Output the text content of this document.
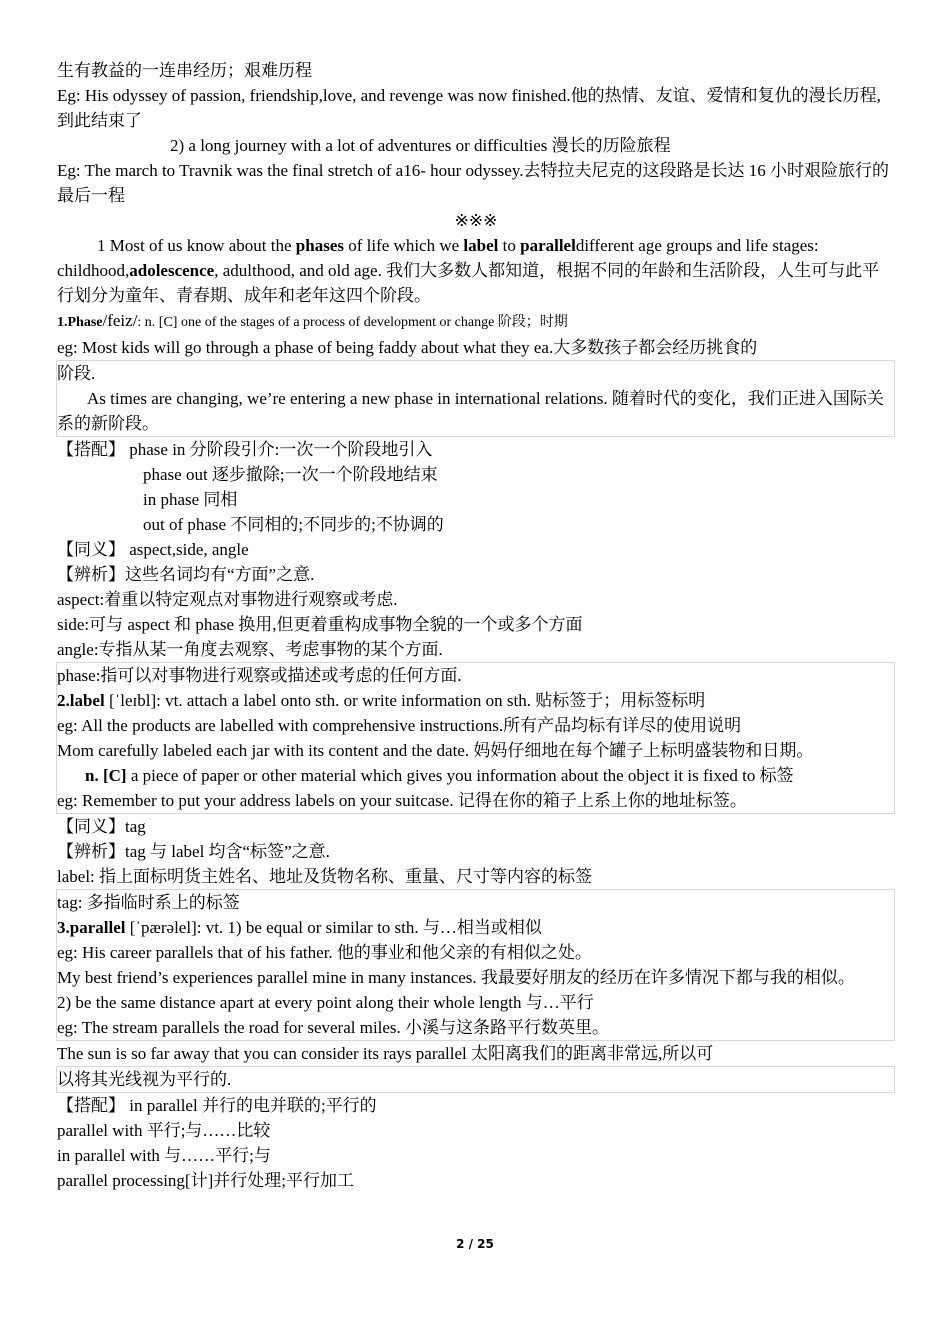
生有教益的一连串经历；艰难历程
Eg: His odyssey of passion, friendship,love, and revenge was now finished.他的热情、友谊、爱情和复仇的漫长历程,到此结束了
2) a long journey with a lot of adventures or difficulties 漫长的历险旅程
Eg: The march to Travnik was the final stretch of a16- hour odyssey.去特拉夫尼克的这段路是长达 16 小时艰险旅行的最后一程
※※※
1 Most of us know about the phases of life which we label to paralleldifferent age groups and life stages: childhood,adolescence, adulthood, and old age. 我们大多数人都知道，根据不同的年龄和生活阶段，人生可与此平行划分为童年、青春期、成年和老年这四个阶段。
1.Phase/feiz/: n. [C] one of the stages of a process of development or change 阶段；时期
eg: Most kids will go through a phase of being faddy about what they ea.大多数孩子都会经历挑食的
阶段.
As times are changing, we’re entering a new phase in international relations. 随着时代的变化，我们正进入国际关系的新阶段。
【搭配】 phase in 分阶段引介:一次一个阶段地引入
phase out 逐步撤除;一次一个阶段地结束
in phase 同相
out of phase 不同相的;不同步的;不协调的
【同义】 aspect,side, angle
【辨析】这些名词均有“方面”之意.
aspect:着重以特定观点对事物进行观察或考虑.
side:可与 aspect 和 phase 换用,但更着重构成事物全貌的一个或多个方面
angle:专指从某一角度去观察、考虑事物的某个方面.
phase:指可以对事物进行观察或描述或考虑的任何方面.
2.label [ˈleɪbl]: vt. attach a label onto sth. or write information on sth. 贴标签于；用标签标明
eg: All the products are labelled with comprehensive instructions.所有产品均标有详尽的使用说明
Mom carefully labeled each jar with its content and the date. 妈妈仔细地在每个罐子上标明盛装物和日期。
n. [C] a piece of paper or other material which gives you information about the object it is fixed to 标签
eg: Remember to put your address labels on your suitcase. 记得在你的箱子上系上你的地址标签。
【同义】tag
【辨析】tag 与 label 均含“标签”之意.
label: 指上面标明货主姓名、地址及货物名称、重量、尺寸等内容的标签
tag: 多指临时系上的标签
3.parallel [ˈpærəlel]: vt. 1) be equal or similar to sth. 与…相当或相似
eg: His career parallels that of his father. 他的事业和他父亲的有相似之处。
My best friend’s experiences parallel mine in many instances. 我最要好朋友的经历在许多情况下都与我的相似。
2) be the same distance apart at every point along their whole length 与…平行
eg: The stream parallels the road for several miles. 小溪与这条路平行数英里。
The sun is so far away that you can consider its rays parallel 太阳离我们的距离非常远,所以可
以将其光线视为平行的.
【搭配】 in parallel 并行的电并联的;平行的
parallel with 平行;与……比较
in parallel with 与……平行;与
parallel processing[计]并行处理;平行加工
2 / 25
